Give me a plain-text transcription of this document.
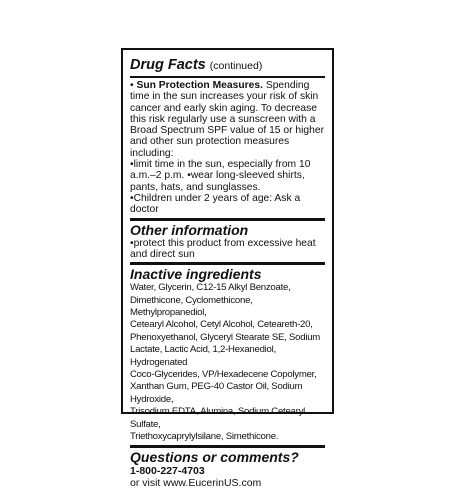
Drug Facts (continued)
• Sun Protection Measures. Spending time in the sun increases your risk of skin cancer and early skin aging. To decrease this risk regularly use a sunscreen with a Broad Spectrum SPF value of 15 or higher and other sun protection measures including:
• limit time in the sun, especially from 10 a.m.–2 p.m. • wear long-sleeved shirts, pants, hats, and sunglasses.
• Children under 2 years of age: Ask a doctor
Other information
• protect this product from excessive heat and direct sun
Inactive ingredients
Water, Glycerin, C12-15 Alkyl Benzoate,
Dimethicone, Cyclomethicone, Methylpropanediol,
Cetearyl Alcohol, Cetyl Alcohol, Ceteareth-20,
Phenoxyethanol, Glyceryl Stearate SE, Sodium
Lactate, Lactic Acid, 1,2-Hexanediol, Hydrogenated
Coco-Glycerides, VP/Hexadecene Copolymer,
Xanthan Gum, PEG-40 Castor Oil, Sodium Hydroxide,
Trisodium EDTA, Alumina, Sodium Cetearyl Sulfate,
Triethoxycaprylylsilane, Simethicone.
Questions or comments?
1-800-227-4703
or visit www.EucerinUS.com
